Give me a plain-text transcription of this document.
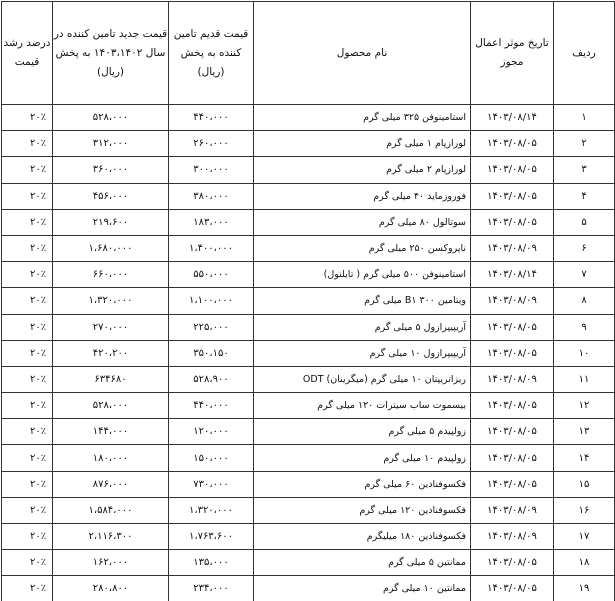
ردیف	تاریخ موثر اعمال مجوز	نام محصول	قیمت قدیم تامین کننده به پخش (ریال)	قیمت جدید تامین کننده در سال ۱۴۰۳،۱۴۰۲ به پخش (ریال)	درصد رشد قیمت
۱	۱۴۰۳/۰۸/۱۴	استامینوفن ۳۲۵ میلی گرم	۴۴۰،۰۰۰	۵۲۸،۰۰۰	۲۰٪
۲	۱۴۰۳/۰۸/۰۵	لورازپام ۱ میلی گرم	۲۶۰،۰۰۰	۳۱۲،۰۰۰	۲۰٪
۳	۱۴۰۳/۰۸/۰۵	لورازپام ۲ میلی گرم	۳۰۰،۰۰۰	۳۶۰،۰۰۰	۲۰٪
۴	۱۴۰۳/۰۸/۰۵	فوروزماید ۴۰ میلی گرم	۳۸۰،۰۰۰	۴۵۶،۰۰۰	۲۰٪
۵	۱۴۰۳/۰۸/۰۵	سوتالول ۸۰ میلی گرم	۱۸۳،۰۰۰	۲۱۹،۶۰۰	۲۰٪
۶	۱۴۰۳/۰۸/۰۹	ناپروکسن ۲۵۰ میلی گرم	۱،۴۰۰،۰۰۰	۱،۶۸۰،۰۰۰	۲۰٪
۷	۱۴۰۳/۰۸/۱۴	استامینوفن ۵۰۰ میلی گرم ( تایلنول)	۵۵۰،۰۰۰	۶۶۰،۰۰۰	۲۰٪
۸	۱۴۰۳/۰۸/۰۹	ویتامین B۱ ۳۰۰ میلی گرم	۱،۱۰۰،۰۰۰	۱،۳۲۰،۰۰۰	۲۰٪
۹	۱۴۰۳/۰۸/۰۵	آریپیپرازول ۵ میلی گرم	۲۲۵،۰۰۰	۲۷۰،۰۰۰	۲۰٪
۱۰	۱۴۰۳/۰۸/۰۵	آریپیپرازول ۱۰ میلی گرم	۳۵۰،۱۵۰	۴۲۰،۲۰۰	۲۰٪
۱۱	۱۴۰۳/۰۸/۰۹	ریزاتریپتان ۱۰ میلی گرم (میگرینان) ODT	۵۲۸،۹۰۰	۶۳۴۶۸۰	۲۰٪
۱۲	۱۴۰۳/۰۸/۰۵	بیسموت ساب سیترات ۱۲۰ میلی گرم	۴۴۰،۰۰۰	۵۲۸،۰۰۰	۲۰٪
۱۳	۱۴۰۳/۰۸/۰۵	زولپیدم ۵ میلی گرم	۱۲۰،۰۰۰	۱۴۴،۰۰۰	۲۰٪
۱۴	۱۴۰۳/۰۸/۰۵	زولپیدم ۱۰ میلی گرم	۱۵۰،۰۰۰	۱۸۰،۰۰۰	۲۰٪
۱۵	۱۴۰۳/۰۸/۰۵	فکسوفنادین ۶۰ میلی گرم	۷۳۰،۰۰۰	۸۷۶،۰۰۰	۲۰٪
۱۶	۱۴۰۳/۰۸/۰۹	فکسوفنادین ۱۲۰ میلی گرم	۱،۳۲۰،۰۰۰	۱،۵۸۴،۰۰۰	۲۰٪
۱۷	۱۴۰۳/۰۸/۰۹	فکسوفنادین ۱۸۰ میلیگرم	۱،۷۶۳،۶۰۰	۲،۱۱۶،۳۰۰	۲۰٪
۱۸	۱۴۰۳/۰۸/۰۵	ممانتین ۵ میلی گرم	۱۳۵،۰۰۰	۱۶۲،۰۰۰	۲۰٪
۱۹	۱۴۰۳/۰۸/۰۵	ممانتین ۱۰ میلی گرم	۲۳۴،۰۰۰	۲۸۰،۸۰۰	۲۰٪
